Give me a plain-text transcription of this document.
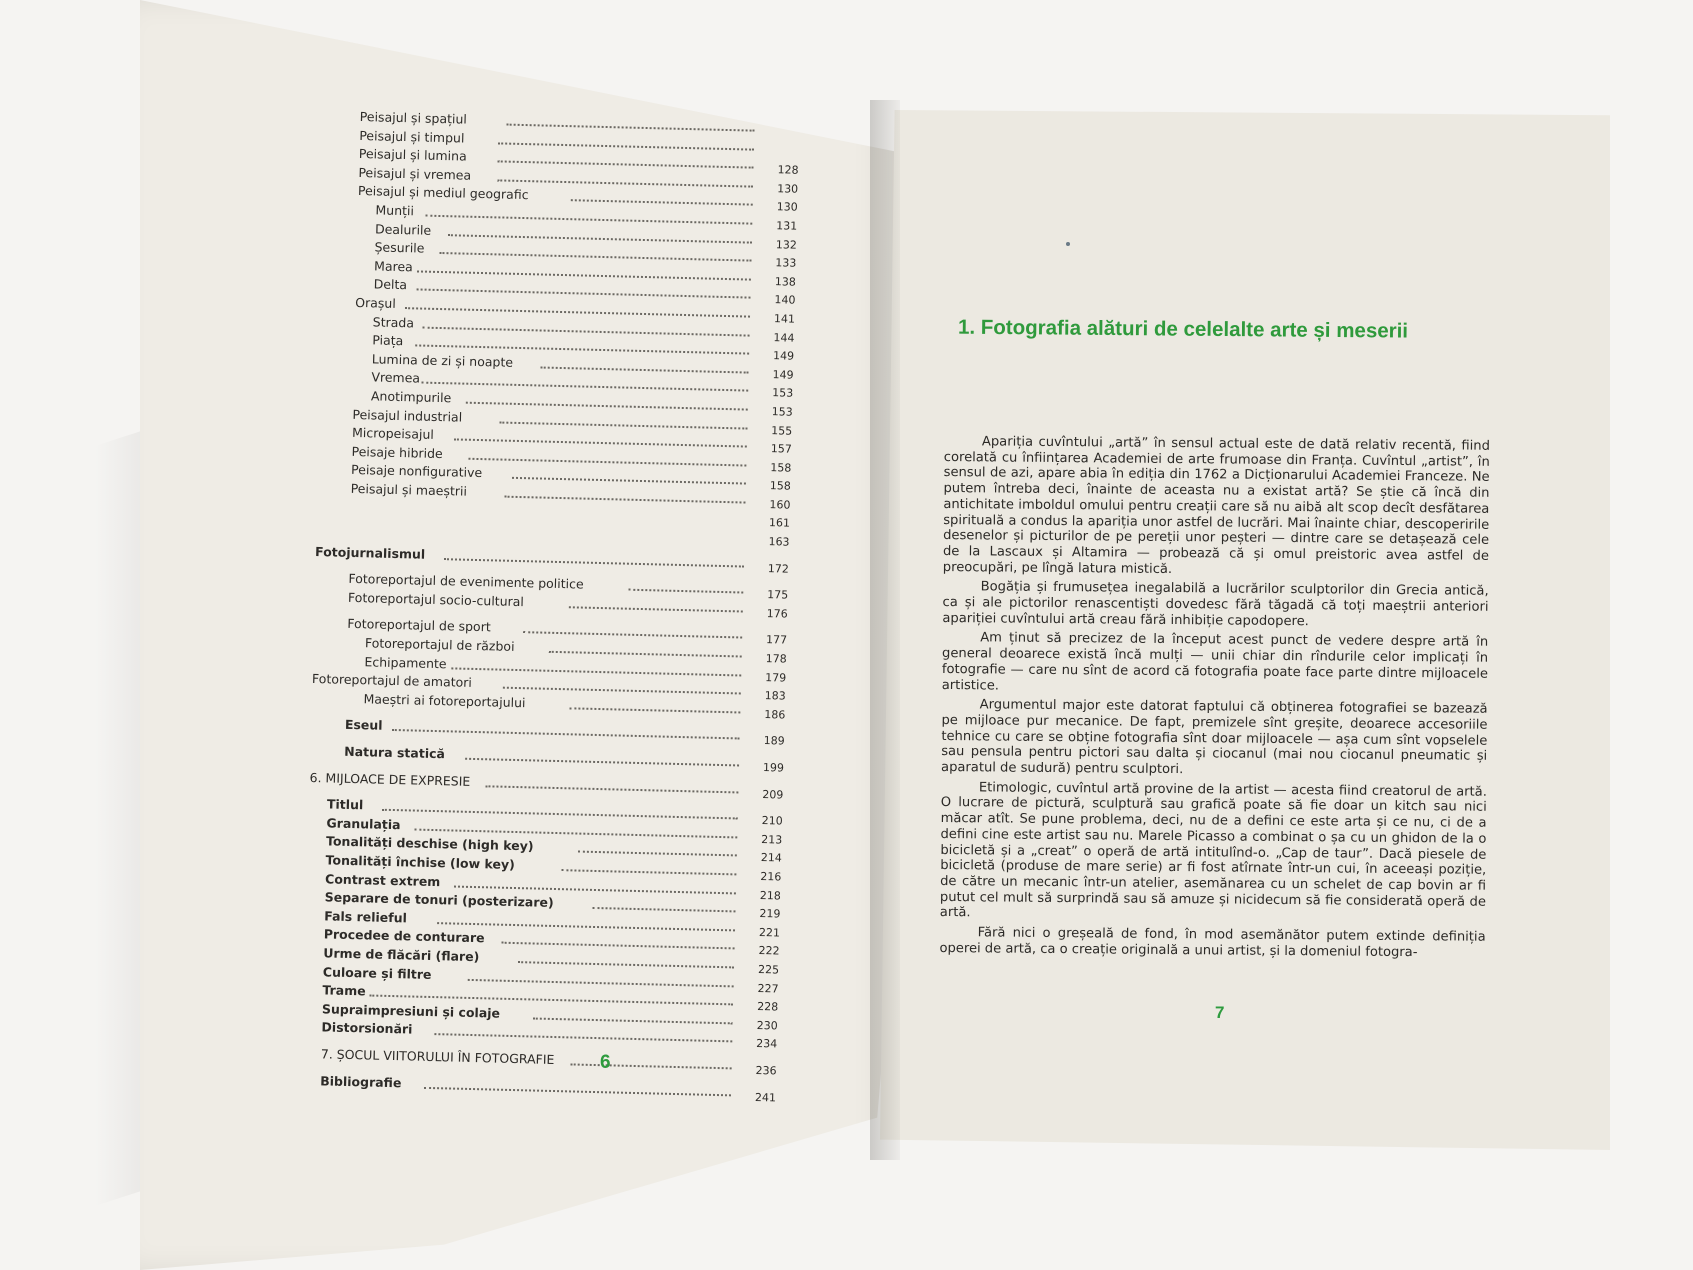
Peisajul și spațiul
Peisajul și timpul
Peisajul și lumina
128
Peisajul și vremea
130
Peisajul și mediul geografic
130
Munții
131
Dealurile
132
Șesurile
133
Marea
138
Delta
140
Orașul
141
Strada
144
Piața
149
Lumina de zi și noapte
149
Vremea
153
Anotimpurile
153
Peisajul industrial
155
Micropeisajul
157
Peisaje hibride
158
Peisaje nonfigurative
158
Peisajul și maeștrii
160
161
163
Fotojurnalismul
172
Fotoreportajul de evenimente politice
175
Fotoreportajul socio-cultural
176
Fotoreportajul de sport
177
Fotoreportajul de război
178
Echipamente
179
Fotoreportajul de amatori
183
Maeștri ai fotoreportajului
186
Eseul
189
Natura statică
199
6. MIJLOACE DE EXPRESIE
209
Titlul
210
Granulația
213
Tonalități deschise (high key)
214
Tonalități închise (low key)
216
Contrast extrem
218
Separare de tonuri (posterizare)
219
Fals relieful
221
Procedee de conturare
222
Urme de flăcări (flare)
225
Culoare și filtre
227
Trame
228
Supraimpresiuni și colaje
230
Distorsionări
234
7. ȘOCUL VIITORULUI ÎN FOTOGRAFIE
236
Bibliografie
241
6
1. Fotografia alături de celelalte arte și meserii

Apariția cuvîntului „artă” în sensul actual este de dată relativ recentă, fiind corelată cu înființarea Academiei de arte frumoase din Franța. Cuvîntul „artist”, în sensul de azi, apare abia în ediția din 1762 a Dicționarului Academiei Franceze. Ne putem întreba deci, înainte de aceasta nu a existat artă? Se știe că încă din antichitate imboldul omului pentru creații care să nu aibă alt scop decît desfătarea spirituală a condus la apariția unor astfel de lucrări. Mai înainte chiar, descoperirile desenelor și picturilor de pe pereții unor peșteri — dintre care se detașează cele de la Lascaux și Altamira — probează că și omul preistoric avea astfel de preocupări, pe lîngă latura mistică.

Bogăția și frumusețea inegalabilă a lucrărilor sculptorilor din Grecia antică, ca și ale pictorilor renascentiști dovedesc fără tăgadă că toți maeștrii anteriori apariției cuvîntului artă creau fără inhibiție capodopere.

Am ținut să precizez de la început acest punct de vedere despre artă în general deoarece există încă mulți — unii chiar din rîndurile celor implicați în fotografie — care nu sînt de acord că fotografia poate face parte dintre mijloacele artistice.

Argumentul major este datorat faptului că obținerea fotografiei se bazează pe mijloace pur mecanice. De fapt, premizele sînt greșite, deoarece accesoriile tehnice cu care se obține fotografia sînt doar mijloacele — așa cum sînt vopselele sau pensula pentru pictori sau dalta și ciocanul (mai nou ciocanul pneumatic și aparatul de sudură) pentru sculptori.

Etimologic, cuvîntul artă provine de la artist — acesta fiind creatorul de artă. O lucrare de pictură, sculptură sau grafică poate să fie doar un kitch sau nici măcar atît. Se pune problema, deci, nu de a defini ce este arta și ce nu, ci de a defini cine este artist sau nu. Marele Picasso a combinat o șa cu un ghidon de la o bicicletă și a „creat” o operă de artă intitulînd-o. „Cap de taur”. Dacă piesele de bicicletă (produse de mare serie) ar fi fost atîrnate într-un cui, în aceeași poziție, de către un mecanic într-un atelier, asemănarea cu un schelet de cap bovin ar fi putut cel mult să surprindă sau să amuze și nicidecum să fie considerată operă de artă.

Fără nici o greșeală de fond, în mod asemănător putem extinde definiția operei de artă, ca o creație originală a unui artist, și la domeniul fotogra-

7
